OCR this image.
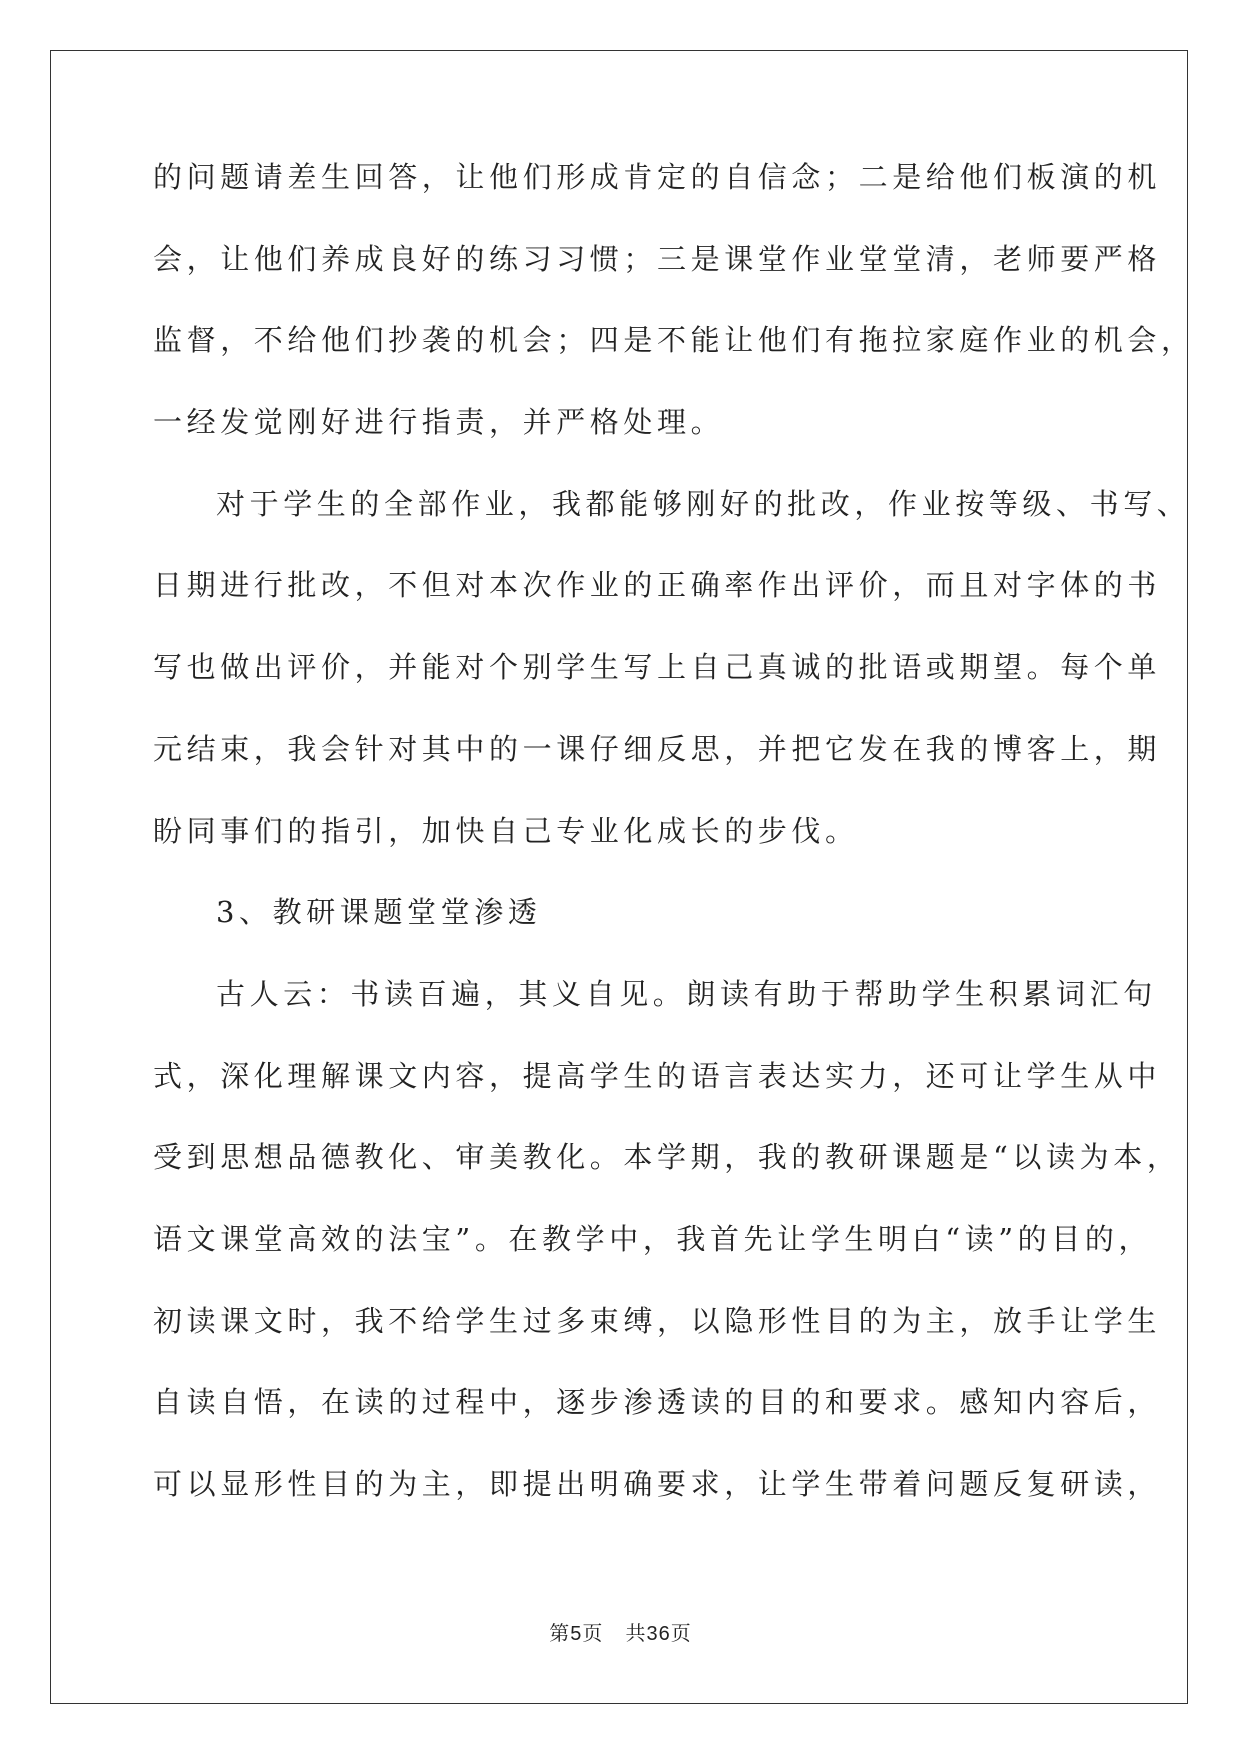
的问题请差生回答，让他们形成肯定的自信念；二是给他们板演的机
会，让他们养成良好的练习习惯；三是课堂作业堂堂清，老师要严格
监督，不给他们抄袭的机会；四是不能让他们有拖拉家庭作业的机会，
一经发觉刚好进行指责，并严格处理。
对于学生的全部作业，我都能够刚好的批改，作业按等级、书写、
日期进行批改，不但对本次作业的正确率作出评价，而且对字体的书
写也做出评价，并能对个别学生写上自己真诚的批语或期望。每个单
元结束，我会针对其中的一课仔细反思，并把它发在我的博客上，期
盼同事们的指引，加快自己专业化成长的步伐。
3、教研课题堂堂渗透
古人云：书读百遍，其义自见。朗读有助于帮助学生积累词汇句
式，深化理解课文内容，提高学生的语言表达实力，还可让学生从中
受到思想品德教化、审美教化。本学期，我的教研课题是“以读为本，
语文课堂高效的法宝”。在教学中，我首先让学生明白“读”的目的，
初读课文时，我不给学生过多束缚，以隐形性目的为主，放手让学生
自读自悟，在读的过程中，逐步渗透读的目的和要求。感知内容后，
可以显形性目的为主，即提出明确要求，让学生带着问题反复研读，
第5页 共36页
